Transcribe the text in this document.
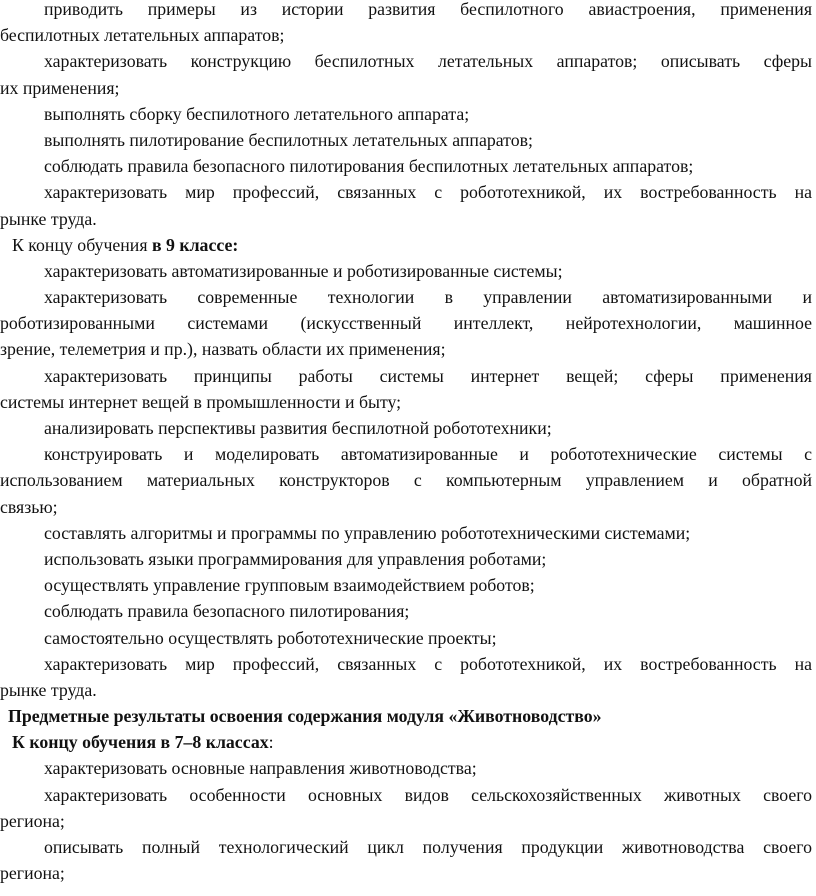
приводить примеры из истории развития беспилотного авиастроения, применения
беспилотных летательных аппаратов;
характеризовать конструкцию беспилотных летательных аппаратов; описывать сферы
их применения;
выполнять сборку беспилотного летательного аппарата;
выполнять пилотирование беспилотных летательных аппаратов;
соблюдать правила безопасного пилотирования беспилотных летательных аппаратов;
характеризовать мир профессий, связанных с робототехникой, их востребованность на
рынке труда.
К концу обучения в 9 классе:
характеризовать автоматизированные и роботизированные системы;
характеризовать современные технологии в управлении автоматизированными и
роботизированными системами (искусственный интеллект, нейротехнологии, машинное
зрение, телеметрия и пр.), назвать области их применения;
характеризовать принципы работы системы интернет вещей; сферы применения
системы интернет вещей в промышленности и быту;
анализировать перспективы развития беспилотной робототехники;
конструировать и моделировать автоматизированные и робототехнические системы с
использованием материальных конструкторов с компьютерным управлением и обратной
связью;
составлять алгоритмы и программы по управлению робототехническими системами;
использовать языки программирования для управления роботами;
осуществлять управление групповым взаимодействием роботов;
соблюдать правила безопасного пилотирования;
самостоятельно осуществлять робототехнические проекты;
характеризовать мир профессий, связанных с робототехникой, их востребованность на
рынке труда.
Предметные результаты освоения содержания модуля «Животноводство»
К концу обучения в 7–8 классах:
характеризовать основные направления животноводства;
характеризовать особенности основных видов сельскохозяйственных животных своего
региона;
описывать полный технологический цикл получения продукции животноводства своего
региона;
